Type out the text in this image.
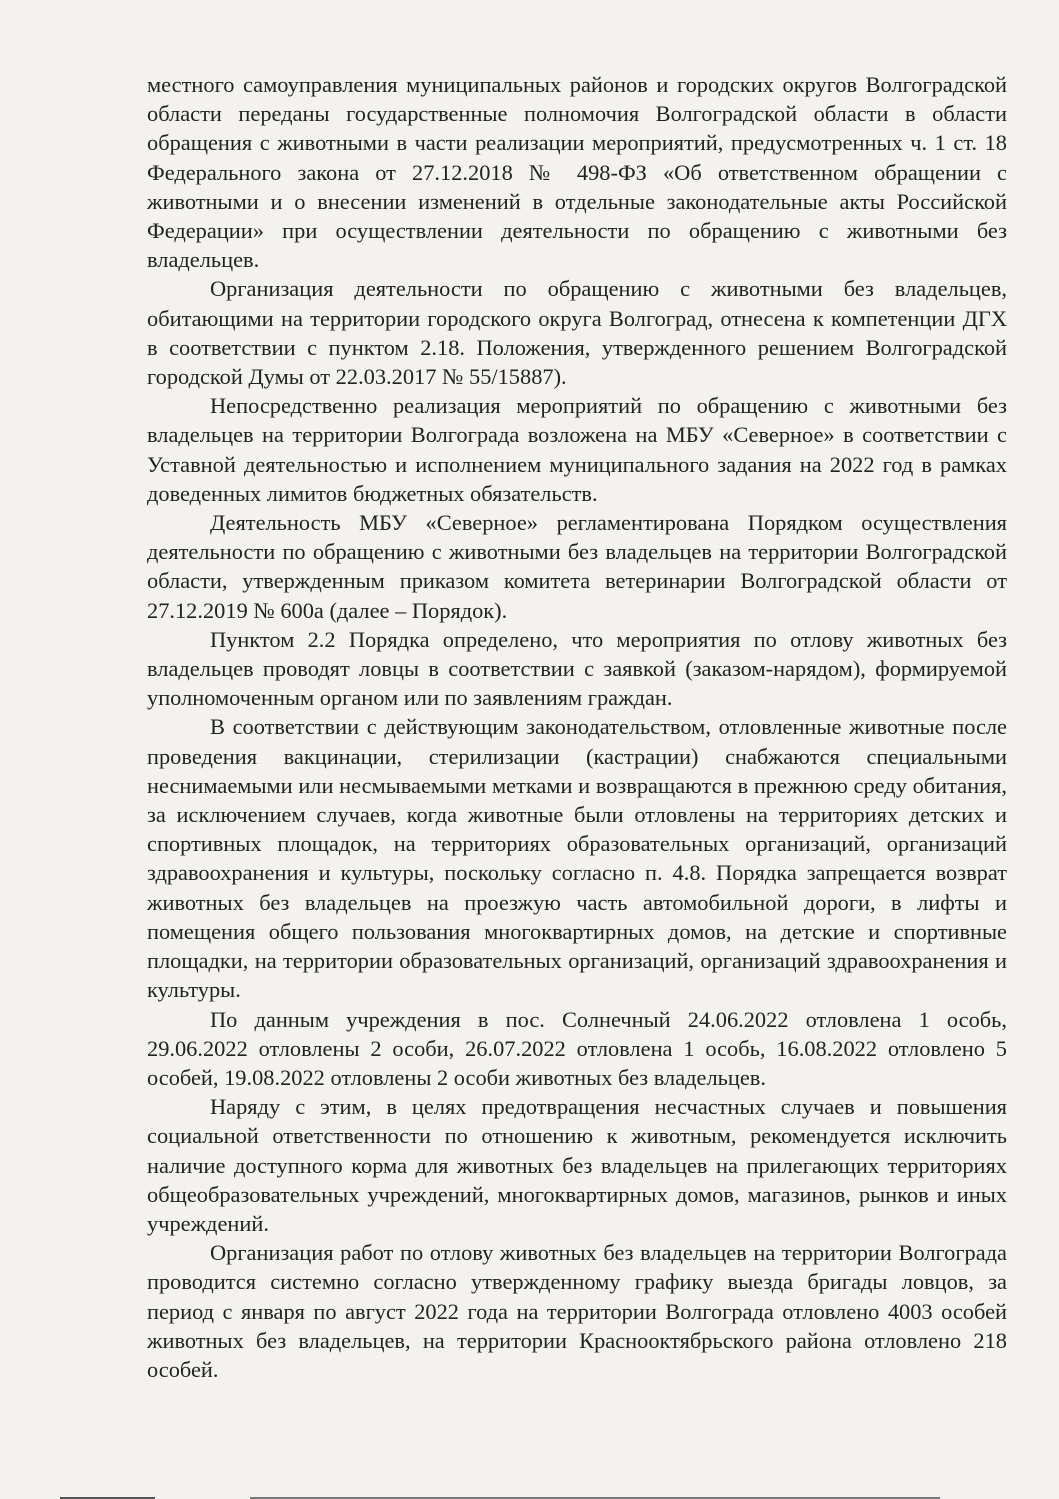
местного самоуправления муниципальных районов и городских округов Волгоградской области переданы государственные полномочия Волгоградской области в области обращения с животными в части реализации мероприятий, предусмотренных ч. 1 ст. 18 Федерального закона от 27.12.2018 № 498-ФЗ «Об ответственном обращении с животными и о внесении изменений в отдельные законодательные акты Российской Федерации» при осуществлении деятельности по обращению с животными без владельцев.

Организация деятельности по обращению с животными без владельцев, обитающими на территории городского округа Волгоград, отнесена к компетенции ДГХ в соответствии с пунктом 2.18. Положения, утвержденного решением Волгоградской городской Думы от 22.03.2017 № 55/15887).

Непосредственно реализация мероприятий по обращению с животными без владельцев на территории Волгограда возложена на МБУ «Северное» в соответствии с Уставной деятельностью и исполнением муниципального задания на 2022 год в рамках доведенных лимитов бюджетных обязательств.

Деятельность МБУ «Северное» регламентирована Порядком осуществления деятельности по обращению с животными без владельцев на территории Волгоградской области, утвержденным приказом комитета ветеринарии Волгоградской области от 27.12.2019 № 600а (далее – Порядок).

Пунктом 2.2 Порядка определено, что мероприятия по отлову животных без владельцев проводят ловцы в соответствии с заявкой (заказом-нарядом), формируемой уполномоченным органом или по заявлениям граждан.

В соответствии с действующим законодательством, отловленные животные после проведения вакцинации, стерилизации (кастрации) снабжаются специальными неснимаемыми или несмываемыми метками и возвращаются в прежнюю среду обитания, за исключением случаев, когда животные были отловлены на территориях детских и спортивных площадок, на территориях образовательных организаций, организаций здравоохранения и культуры, поскольку согласно п. 4.8. Порядка запрещается возврат животных без владельцев на проезжую часть автомобильной дороги, в лифты и помещения общего пользования многоквартирных домов, на детские и спортивные площадки, на территории образовательных организаций, организаций здравоохранения и культуры.

По данным учреждения в пос. Солнечный 24.06.2022 отловлена 1 особь, 29.06.2022 отловлены 2 особи, 26.07.2022 отловлена 1 особь, 16.08.2022 отловлено 5 особей, 19.08.2022 отловлены 2 особи животных без владельцев.

Наряду с этим, в целях предотвращения несчастных случаев и повышения социальной ответственности по отношению к животным, рекомендуется исключить наличие доступного корма для животных без владельцев на прилегающих территориях общеобразовательных учреждений, многоквартирных домов, магазинов, рынков и иных учреждений.

Организация работ по отлову животных без владельцев на территории Волгограда проводится системно согласно утвержденному графику выезда бригады ловцов, за период с января по август 2022 года на территории Волгограда отловлено 4003 особей животных без владельцев, на территории Краснооктябрьского района отловлено 218 особей.
